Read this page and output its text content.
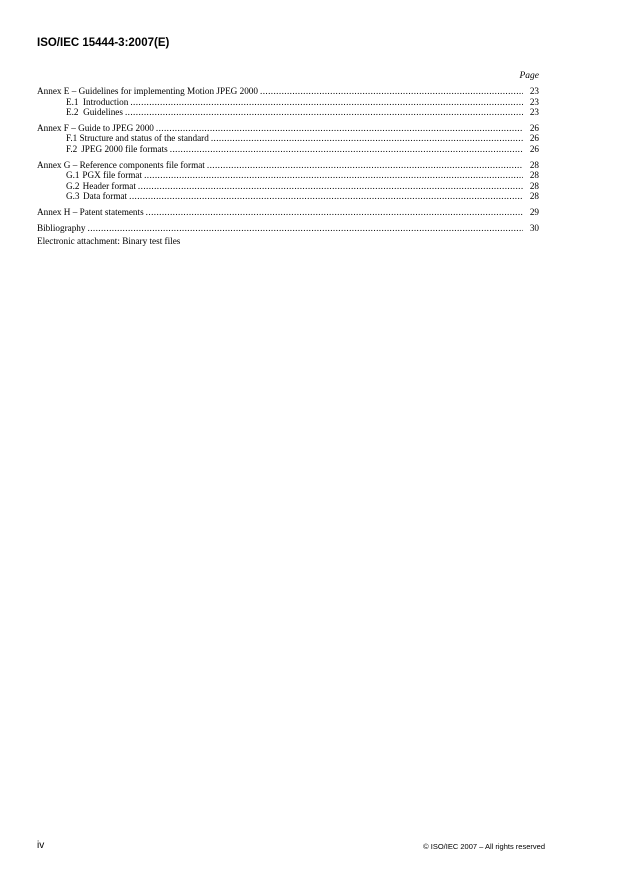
ISO/IEC 15444-3:2007(E)
Page
Annex E – Guidelines for implementing Motion JPEG 2000 .....	23
E.1 Introduction .....	23
E.2 Guidelines .....	23
Annex F – Guide to JPEG 2000 .....	26
F.1 Structure and status of the standard .....	26
F.2 JPEG 2000 file formats .....	26
Annex G – Reference components file format .....	28
G.1 PGX file format .....	28
G.2 Header format .....	28
G.3 Data format .....	28
Annex H – Patent statements .....	29
Bibliography .....	30
Electronic attachment: Binary test files
iv	© ISO/IEC 2007 – All rights reserved
